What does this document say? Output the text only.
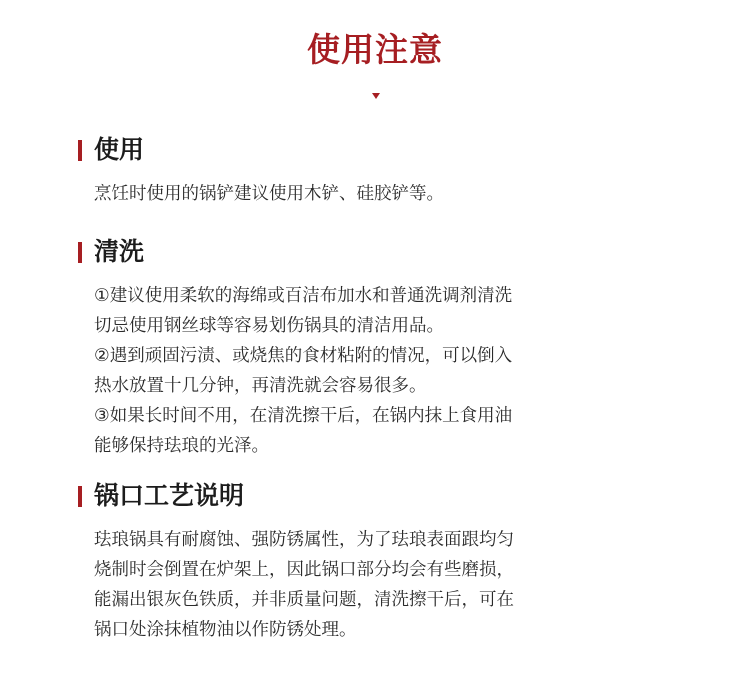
使用注意
使用

烹饪时使用的锅铲建议使用木铲、硅胶铲等。

清洗

①建议使用柔软的海绵或百洁布加水和普通洗调剂清洗

切忌使用钢丝球等容易划伤锅具的清洁用品。

②遇到顽固污渍、或烧焦的食材粘附的情况，可以倒入

热水放置十几分钟，再清洗就会容易很多。

③如果长时间不用，在清洗擦干后，在锅内抹上食用油

能够保持珐琅的光泽。

锅口工艺说明

珐琅锅具有耐腐蚀、强防锈属性，为了珐琅表面跟均匀

烧制时会倒置在炉架上，因此锅口部分均会有些磨损，

能漏出银灰色铁质，并非质量问题，清洗擦干后，可在

锅口处涂抹植物油以作防锈处理。
